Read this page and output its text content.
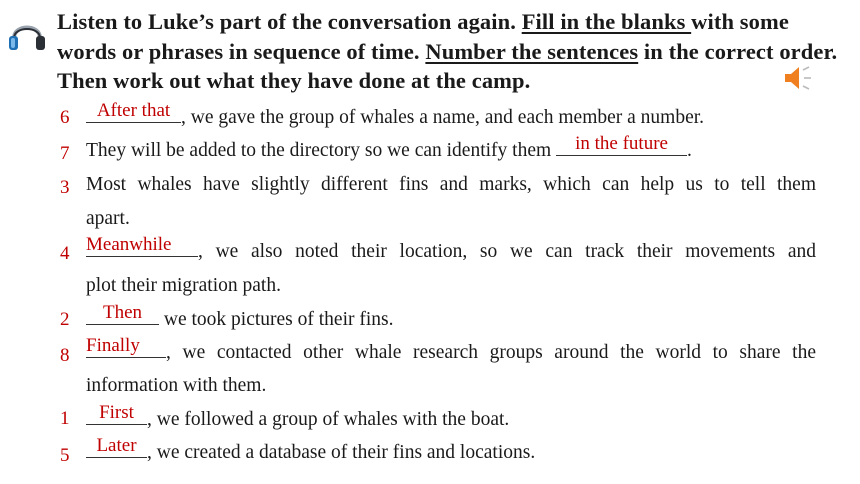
Listen to Luke’s part of the conversation again. Fill in the blanks with some words or phrases in sequence of time. Number the sentences in the correct order. Then work out what they have done at the camp.
6	After that , we gave the group of whales a name, and each member a number.
7 They will be added to the directory so we can identify them	in the future .
3 Most whales have slightly different fins and marks, which can help us to tell them
apart.
4 Meanwhile	, we also noted their location, so we can track their movements and
plot their migration path.
2	Then we took pictures of their fins.
8 Finally	, we contacted other whale research groups around the world to share the
information with them.
1	First , we followed a group of whales with the boat.
5	Later , we created a database of their fins and locations.
